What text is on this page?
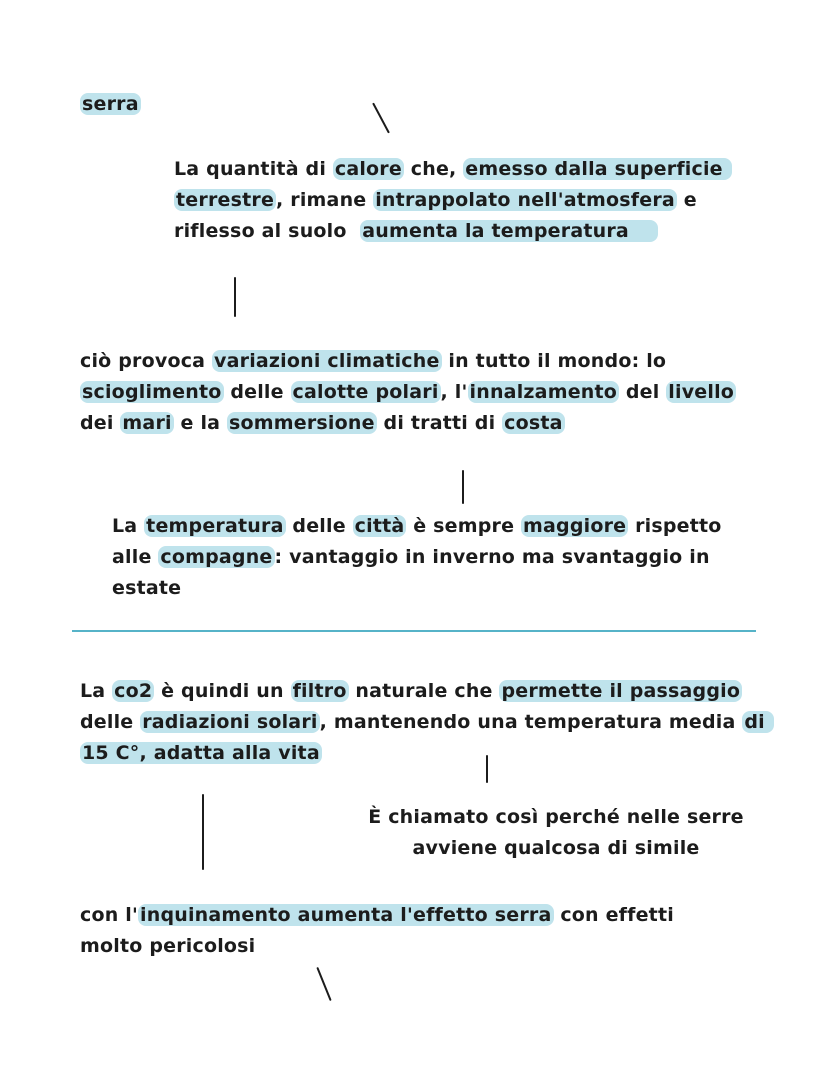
serra
La quantità di calore che, emesso dalla superficie terrestre , rimane intrappolato nell'atmosfera e riflesso al suolo  aumenta la temperatura
ciò provoca variazioni climatiche in tutto il mondo: lo scioglimento delle calotte polari , l' innalzamento del livello dei mari e la sommersione di tratti di costa
La temperatura delle città è sempre maggiore rispetto alle compagne : vantaggio in inverno ma svantaggio in estate
La co2 è quindi un filtro naturale che permette il passaggio delle radiazioni solari , mantenendo una temperatura media di 15 C°, adatta alla vita
È chiamato così perché nelle serre avviene qualcosa di simile
con l' inquinamento aumenta l'effetto serra con effetti molto pericolosi
